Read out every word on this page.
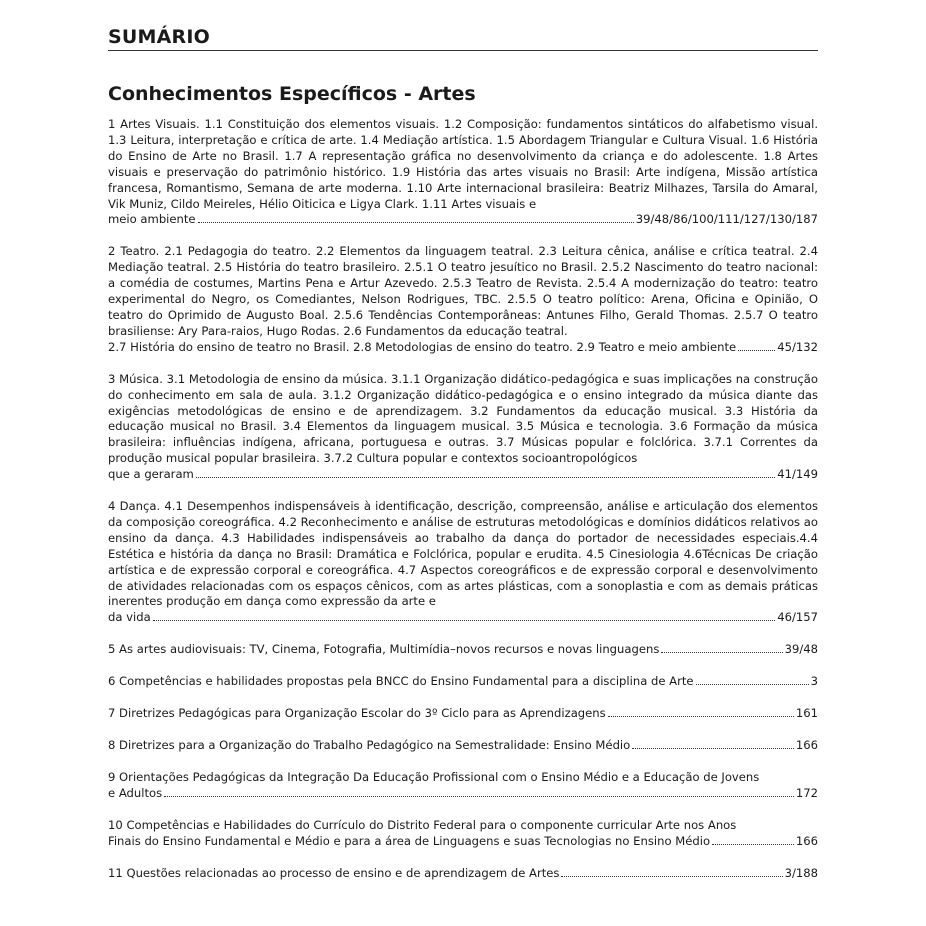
SUMÁRIO
Conhecimentos Específicos - Artes
1 Artes Visuais. 1.1 Constituição dos elementos visuais. 1.2 Composição: fundamentos sintáticos do alfabetismo visual. 1.3 Leitura, interpretação e crítica de arte. 1.4 Mediação artística. 1.5 Abordagem Triangular e Cultura Visual. 1.6 História do Ensino de Arte no Brasil. 1.7 A representação gráfica no desenvolvimento da criança e do adolescente. 1.8 Artes visuais e preservação do patrimônio histórico. 1.9 História das artes visuais no Brasil: Arte indígena, Missão artística francesa, Romantismo, Semana de arte moderna. 1.10 Arte internacional brasileira: Beatriz Milhazes, Tarsila do Amaral, Vik Muniz, Cildo Meireles, Hélio Oiticica e Ligya Clark. 1.11 Artes visuais e
meio ambiente	39/48/86/100/111/127/130/187
2 Teatro. 2.1 Pedagogia do teatro. 2.2 Elementos da linguagem teatral. 2.3 Leitura cênica, análise e crítica teatral. 2.4 Mediação teatral. 2.5 História do teatro brasileiro. 2.5.1 O teatro jesuítico no Brasil. 2.5.2 Nascimento do teatro nacional: a comédia de costumes, Martins Pena e Artur Azevedo. 2.5.3 Teatro de Revista. 2.5.4 A modernização do teatro: teatro experimental do Negro, os Comediantes, Nelson Rodrigues, TBC. 2.5.5 O teatro político: Arena, Oficina e Opinião, O teatro do Oprimido de Augusto Boal. 2.5.6 Tendências Contemporâneas: Antunes Filho, Gerald Thomas. 2.5.7 O teatro brasiliense: Ary Para-raios, Hugo Rodas. 2.6 Fundamentos da educação teatral.
2.7 História do ensino de teatro no Brasil. 2.8 Metodologias de ensino do teatro. 2.9 Teatro e meio ambiente	45/132
3 Música. 3.1 Metodologia de ensino da música. 3.1.1 Organização didático-pedagógica e suas implicações na construção do conhecimento em sala de aula. 3.1.2 Organização didático-pedagógica e o ensino integrado da música diante das exigências metodológicas de ensino e de aprendizagem. 3.2 Fundamentos da educação musical. 3.3 História da educação musical no Brasil. 3.4 Elementos da linguagem musical. 3.5 Música e tecnologia. 3.6 Formação da música brasileira: influências indígena, africana, portuguesa e outras. 3.7 Músicas popular e folclórica. 3.7.1 Correntes da produção musical popular brasileira. 3.7.2 Cultura popular e contextos socioantropológicos
que a geraram	41/149
4 Dança. 4.1 Desempenhos indispensáveis à identificação, descrição, compreensão, análise e articulação dos elementos da composição coreográfica. 4.2 Reconhecimento e análise de estruturas metodológicas e domínios didáticos relativos ao ensino da dança. 4.3 Habilidades indispensáveis ao trabalho da dança do portador de necessidades especiais.4.4 Estética e história da dança no Brasil: Dramática e Folclórica, popular e erudita. 4.5 Cinesiologia 4.6Técnicas De criação artística e de expressão corporal e coreográfica. 4.7 Aspectos coreográficos e de expressão corporal e desenvolvimento de atividades relacionadas com os espaços cênicos, com as artes plásticas, com a sonoplastia e com as demais práticas inerentes produção em dança como expressão da arte e
da vida	46/157
5 As artes audiovisuais: TV, Cinema, Fotografia, Multimídia–novos recursos e novas linguagens	39/48
6 Competências e habilidades propostas pela BNCC do Ensino Fundamental para a disciplina de Arte	3
7 Diretrizes Pedagógicas para Organização Escolar do 3º Ciclo para as Aprendizagens	161
8 Diretrizes para a Organização do Trabalho Pedagógico na Semestralidade: Ensino Médio	166
9 Orientações Pedagógicas da Integração Da Educação Profissional com o Ensino Médio e a Educação de Jovens
e Adultos	172
10 Competências e Habilidades do Currículo do Distrito Federal para o componente curricular Arte nos Anos
Finais do Ensino Fundamental e Médio e para a área de Linguagens e suas Tecnologias no Ensino Médio	166
11 Questões relacionadas ao processo de ensino e de aprendizagem de Artes	3/188
